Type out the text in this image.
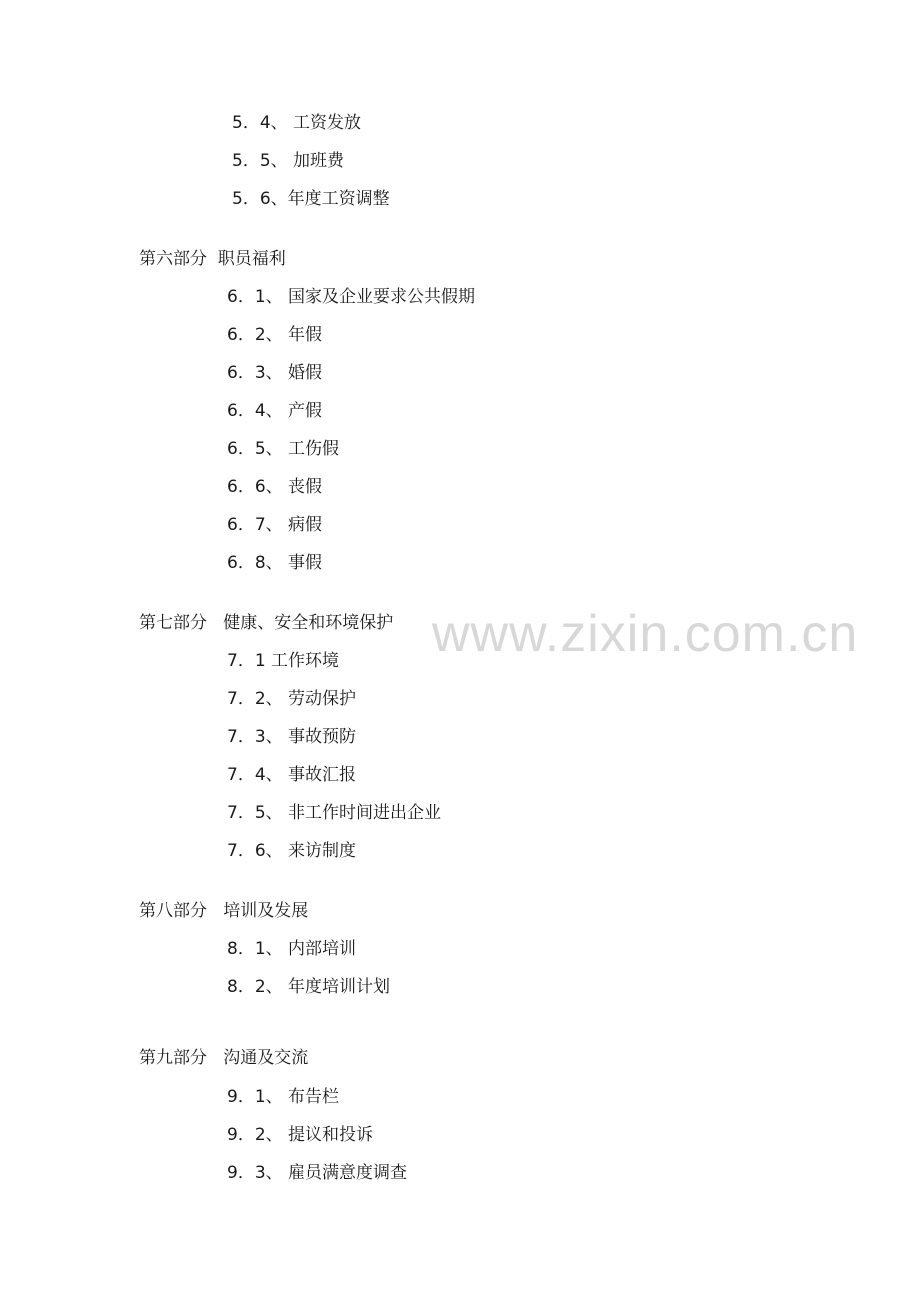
5．4、 工资发放

5．5、 加班费

5．6、年度工资调整

第六部分  职员福利

6．1、 国家及企业要求公共假期

6．2、 年假

6．3、 婚假

6．4、 产假

6．5、 工伤假

6．6、 丧假

6．7、 病假

6．8、 事假

www.zixin.com.cn

第七部分   健康、安全和环境保护

7．1 工作环境

7．2、 劳动保护

7．3、 事故预防

7．4、 事故汇报

7．5、 非工作时间进出企业

7．6、 来访制度

第八部分   培训及发展

8．1、 内部培训

8．2、 年度培训计划

第九部分   沟通及交流

9．1、 布告栏

9．2、 提议和投诉

9．3、 雇员满意度调查
